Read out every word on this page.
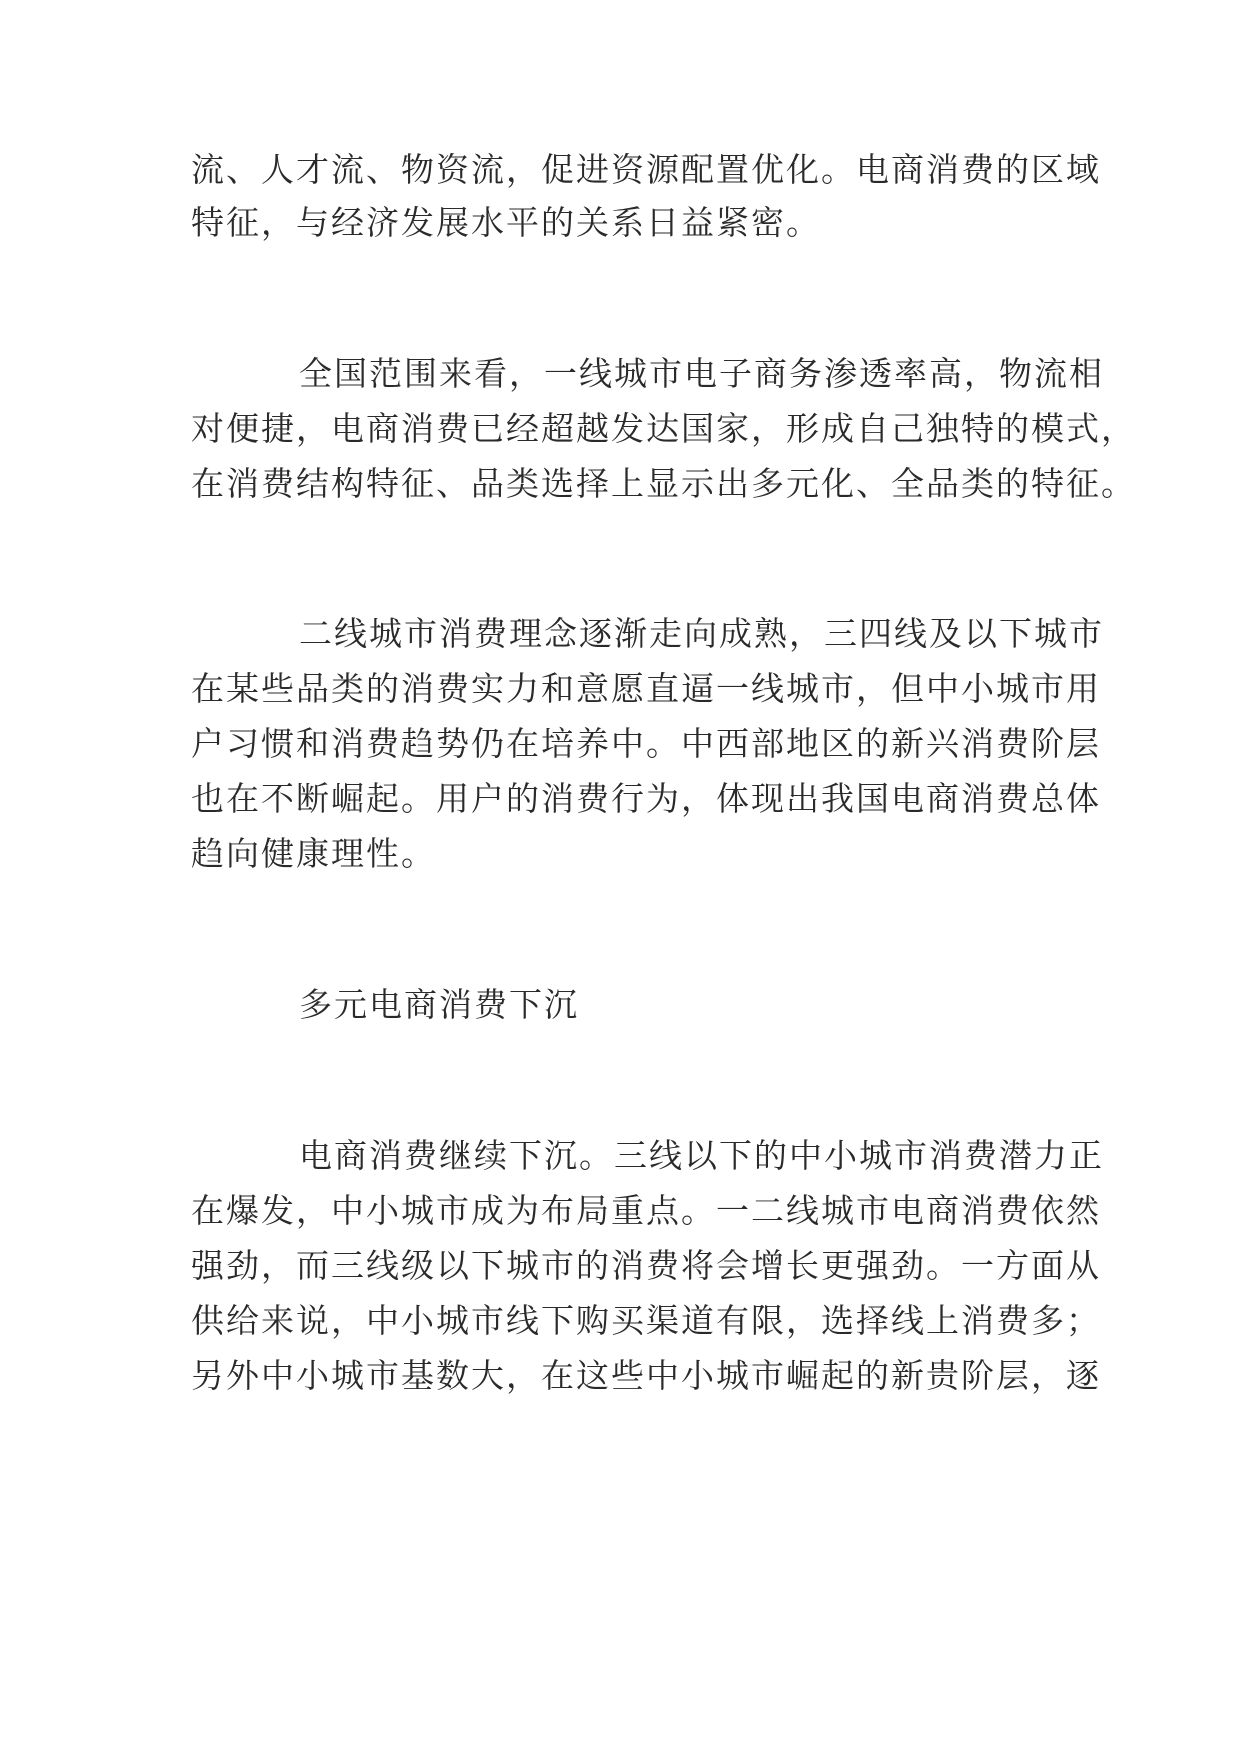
流、人才流、物资流，促进资源配置优化。电商消费的区域
特征，与经济发展水平的关系日益紧密。
全国范围来看，一线城市电子商务渗透率高，物流相
对便捷，电商消费已经超越发达国家，形成自己独特的模式，
在消费结构特征、品类选择上显示出多元化、全品类的特征。
二线城市消费理念逐渐走向成熟，三四线及以下城市
在某些品类的消费实力和意愿直逼一线城市，但中小城市用
户习惯和消费趋势仍在培养中。中西部地区的新兴消费阶层
也在不断崛起。用户的消费行为，体现出我国电商消费总体
趋向健康理性。
多元电商消费下沉
电商消费继续下沉。三线以下的中小城市消费潜力正
在爆发，中小城市成为布局重点。一二线城市电商消费依然
强劲，而三线级以下城市的消费将会增长更强劲。一方面从
供给来说，中小城市线下购买渠道有限，选择线上消费多；
另外中小城市基数大，在这些中小城市崛起的新贵阶层，逐
